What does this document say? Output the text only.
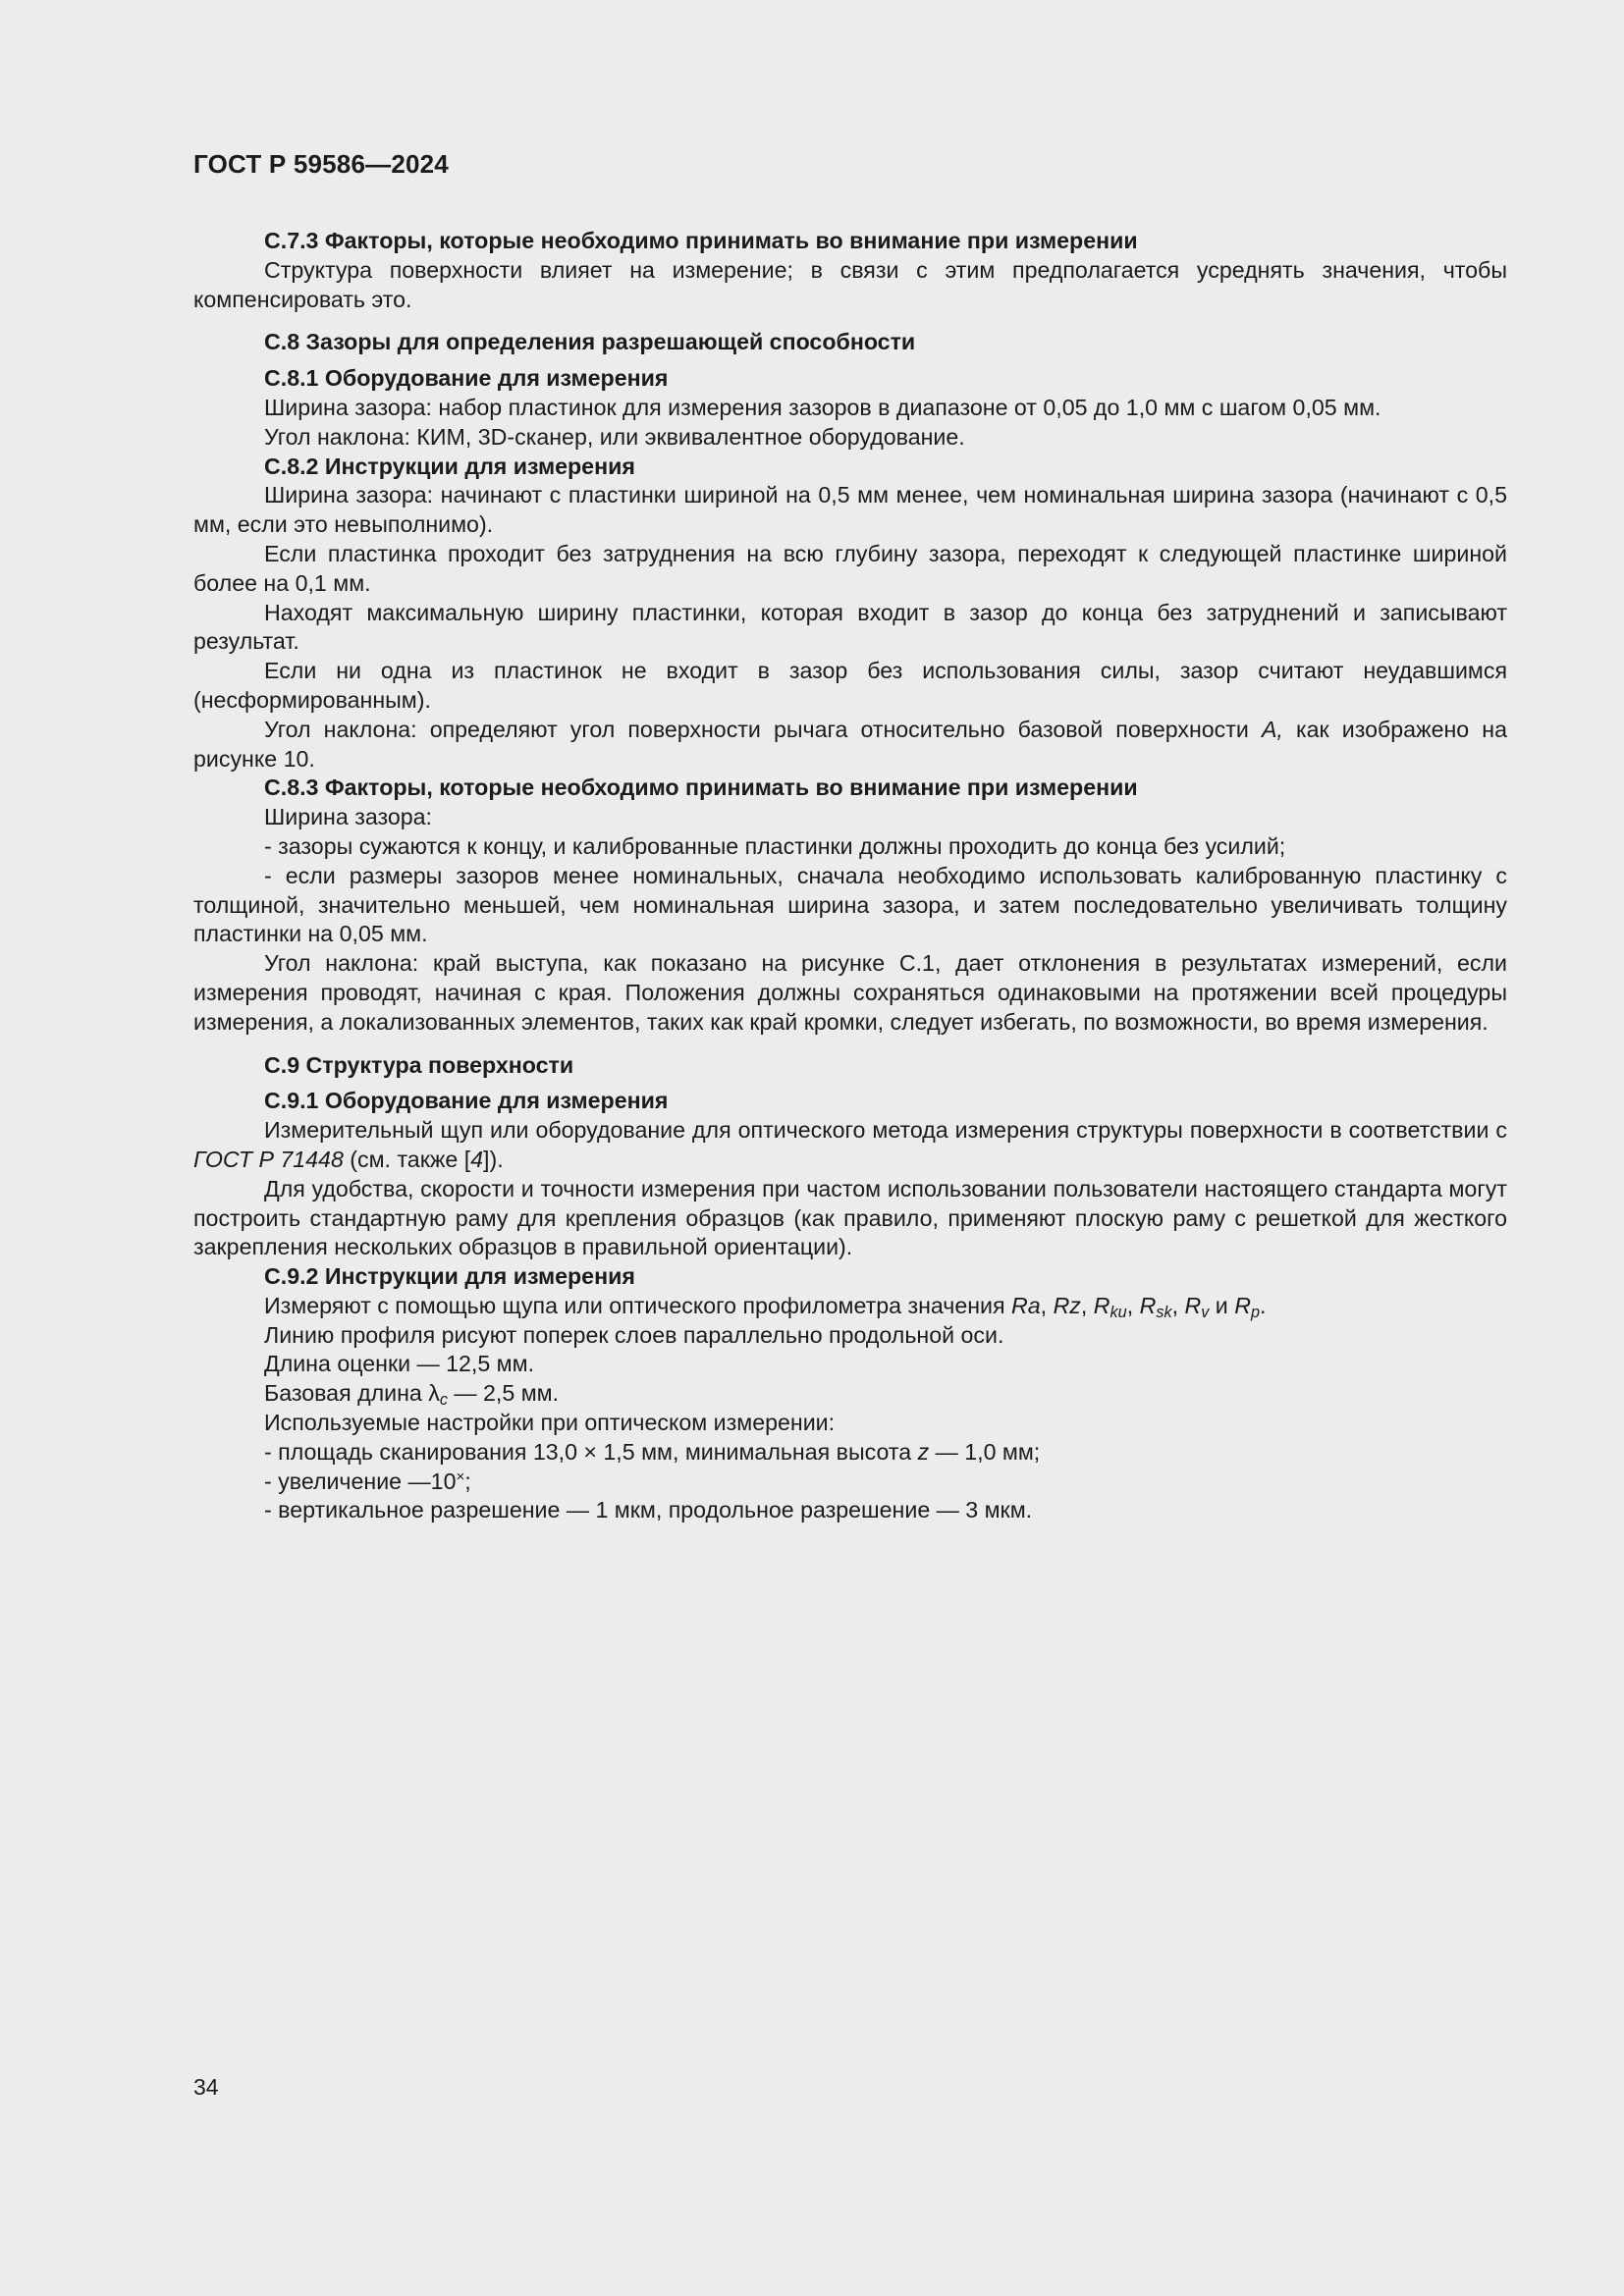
ГОСТ Р 59586—2024

С.7.3 Факторы, которые необходимо принимать во внимание при измерении

Структура поверхности влияет на измерение; в связи с этим предполагается усреднять значения, чтобы компенсировать это.

С.8 Зазоры для определения разрешающей способности

С.8.1 Оборудование для измерения

Ширина зазора: набор пластинок для измерения зазоров в диапазоне от 0,05 до 1,0 мм с шагом 0,05 мм.

Угол наклона: КИМ, 3D-сканер, или эквивалентное оборудование.

С.8.2 Инструкции для измерения

Ширина зазора: начинают с пластинки шириной на 0,5 мм менее, чем номинальная ширина зазора (начинают с 0,5 мм, если это невыполнимо).

Если пластинка проходит без затруднения на всю глубину зазора, переходят к следующей пластинке шириной более на 0,1 мм.

Находят максимальную ширину пластинки, которая входит в зазор до конца без затруднений и записывают результат.

Если ни одна из пластинок не входит в зазор без использования силы, зазор считают неудавшимся (несформированным).

Угол наклона: определяют угол поверхности рычага относительно базовой поверхности A, как изображено на рисунке 10.

С.8.3 Факторы, которые необходимо принимать во внимание при измерении

Ширина зазора:

- зазоры сужаются к концу, и калиброванные пластинки должны проходить до конца без усилий;

- если размеры зазоров менее номинальных, сначала необходимо использовать калиброванную пластинку с толщиной, значительно меньшей, чем номинальная ширина зазора, и затем последовательно увеличивать толщину пластинки на 0,05 мм.

Угол наклона: край выступа, как показано на рисунке С.1, дает отклонения в результатах измерений, если измерения проводят, начиная с края. Положения должны сохраняться одинаковыми на протяжении всей процедуры измерения, а локализованных элементов, таких как край кромки, следует избегать, по возможности, во время измерения.

С.9 Структура поверхности

С.9.1 Оборудование для измерения

Измерительный щуп или оборудование для оптического метода измерения структуры поверхности в соответствии с ГОСТ Р 71448 (см. также [4]).

Для удобства, скорости и точности измерения при частом использовании пользователи настоящего стандарта могут построить стандартную раму для крепления образцов (как правило, применяют плоскую раму с решеткой для жесткого закрепления нескольких образцов в правильной ориентации).

С.9.2 Инструкции для измерения

Измеряют с помощью щупа или оптического профилометра значения Ra, Rz, $R_{ku}$, $R_{sk}$, $R_v$ и $R_p$.

Линию профиля рисуют поперек слоев параллельно продольной оси.

Длина оценки — 12,5 мм.

Базовая длина $\lambda_c$ — 2,5 мм.

Используемые настройки при оптическом измерении:

- площадь сканирования 13,0 × 1,5 мм, минимальная высота z — 1,0 мм;

- увеличение —10×;

- вертикальное разрешение — 1 мкм, продольное разрешение — 3 мкм.

34
